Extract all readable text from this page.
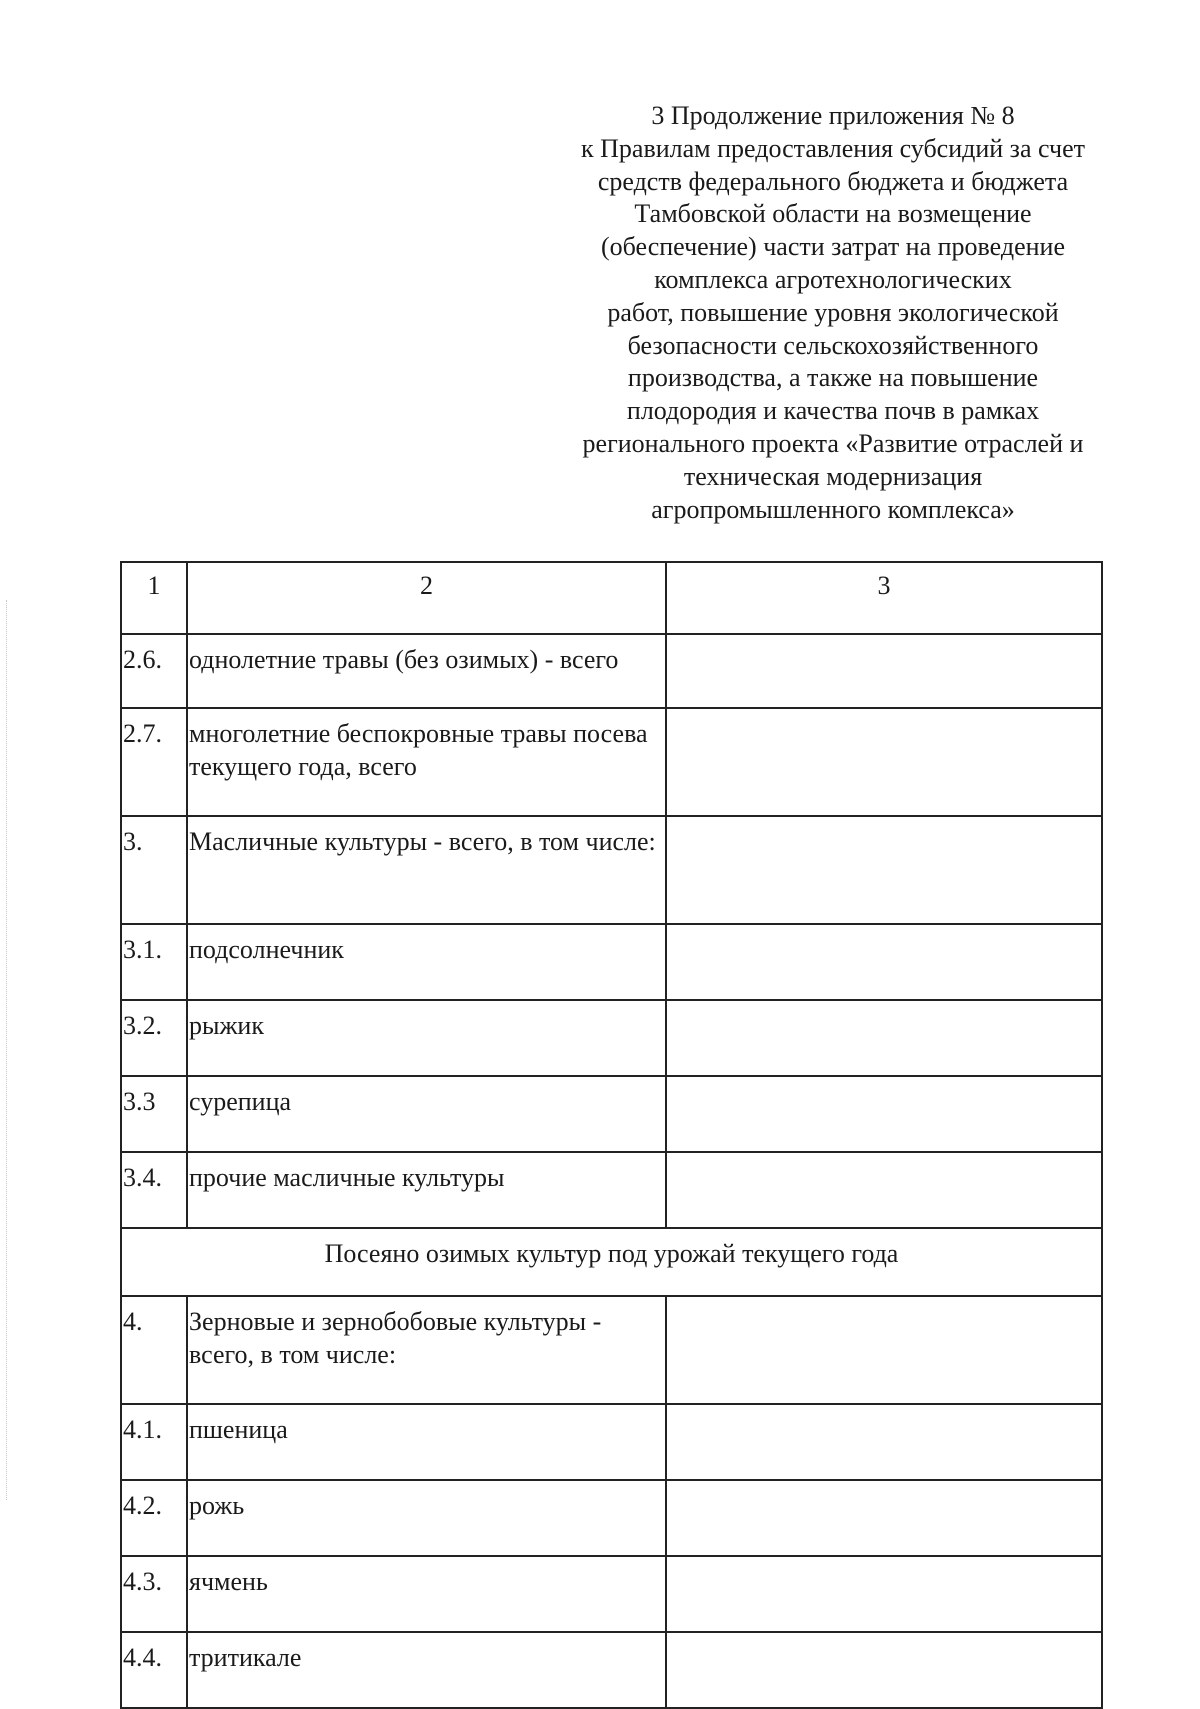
3 Продолжение приложения № 8
к Правилам предоставления субсидий за счет
средств федерального бюджета и бюджета
Тамбовской области на возмещение
(обеспечение) части затрат на проведение
комплекса агротехнологических
работ, повышение уровня экологической
безопасности сельскохозяйственного
производства, а также на повышение
плодородия и качества почв в рамках
регионального проекта «Развитие отраслей и
техническая модернизация
агропромышленного комплекса»
1	2	3
2.6.	однолетние травы (без озимых) - всего	

2.7.	многолетние беспокровные травы посева текущего года, всего	

3.	Масличные культуры - всего, в том числе:	

3.1.	подсолнечник	

3.2.	рыжик	

3.3	сурепица	

3.4.	прочие масличные культуры	

Посеяно озимых культур под урожай текущего года		
4.	Зерновые и зернобобовые культуры - всего, в том числе:	

4.1.	пшеница	

4.2.	рожь	

4.3.	ячмень	

4.4.	тритикале	
